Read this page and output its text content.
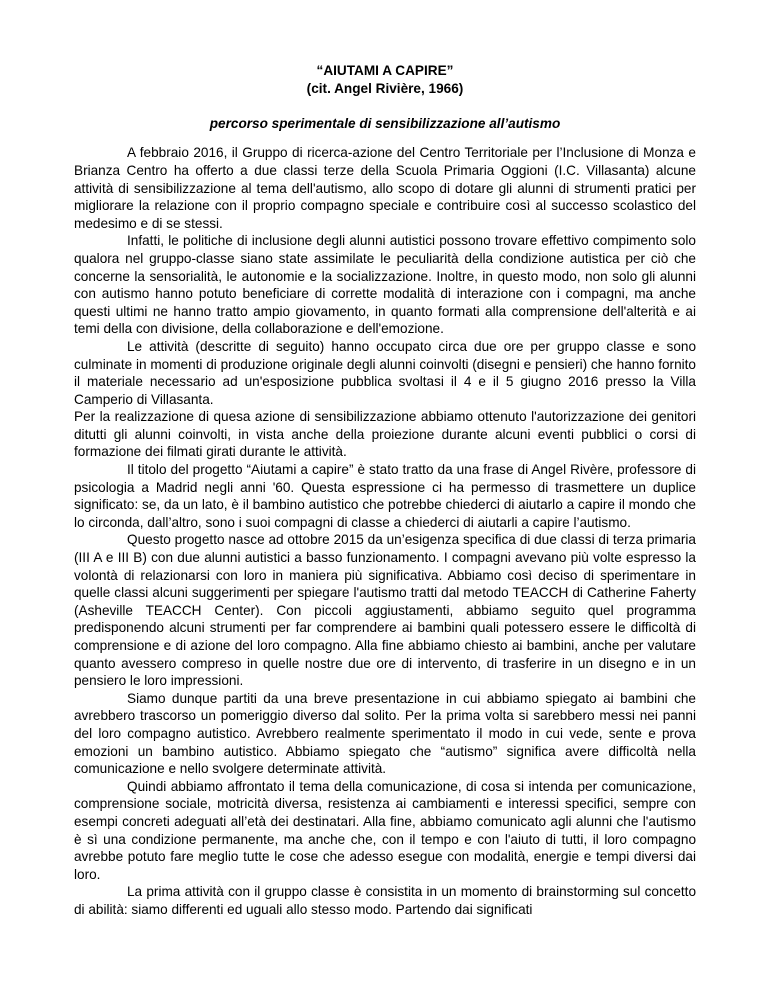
“AIUTAMI A CAPIRE”

(cit. Angel Rivière, 1966)

percorso sperimentale di sensibilizzazione all’autismo

A febbraio 2016, il Gruppo di ricerca-azione del Centro Territoriale per l’Inclusione di Monza e Brianza Centro ha offerto a due classi terze della Scuola Primaria Oggioni (I.C. Villasanta) alcune attività di sensibilizzazione al tema dell'autismo, allo scopo di dotare gli alunni di strumenti pratici per migliorare la relazione con il proprio compagno speciale e contribuire così al successo scolastico del medesimo e di se stessi.

Infatti, le politiche di inclusione degli alunni autistici possono trovare effettivo compimento solo qualora nel gruppo-classe siano state assimilate le peculiarità della condizione autistica per ciò che concerne la sensorialità, le autonomie e la socializzazione. Inoltre, in questo modo, non solo gli alunni con autismo hanno potuto beneficiare di corrette modalità di interazione con i compagni, ma anche questi ultimi ne hanno tratto ampio giovamento, in quanto formati alla comprensione dell'alterità e ai temi della con divisione, della collaborazione e dell'emozione.

Le attività (descritte di seguito) hanno occupato circa due ore per gruppo classe e sono culminate in momenti di produzione originale degli alunni coinvolti (disegni e pensieri) che hanno fornito il materiale necessario ad un'esposizione pubblica svoltasi il 4 e il 5 giugno 2016 presso la Villa Camperio di Villasanta.

Per la realizzazione di quesa azione di sensibilizzazione abbiamo ottenuto l'autorizzazione dei genitori ditutti gli alunni coinvolti, in vista anche della proiezione durante alcuni eventi pubblici o corsi di formazione dei filmati girati durante le attività.

Il titolo del progetto “Aiutami a capire” è stato tratto da una frase di Angel Rivère, professore di psicologia a Madrid negli anni '60. Questa espressione ci ha permesso di trasmettere un duplice significato: se, da un lato, è il bambino autistico che potrebbe chiederci di aiutarlo a capire il mondo che lo circonda, dall’altro, sono i suoi compagni di classe a chiederci di aiutarli a capire l’autismo.

Questo progetto nasce ad ottobre 2015 da un’esigenza specifica di due classi di terza primaria (III A e III B) con due alunni autistici a basso funzionamento. I compagni avevano più volte espresso la volontà di relazionarsi con loro in maniera più significativa. Abbiamo così deciso di sperimentare in quelle classi alcuni suggerimenti per spiegare l'autismo tratti dal metodo TEACCH di Catherine Faherty (Asheville TEACCH Center). Con piccoli aggiustamenti, abbiamo seguito quel programma predisponendo alcuni strumenti per far comprendere ai bambini quali potessero essere le difficoltà di comprensione e di azione del loro compagno. Alla fine abbiamo chiesto ai bambini, anche per valutare quanto avessero compreso in quelle nostre due ore di intervento, di trasferire in un disegno e in un pensiero le loro impressioni.

Siamo dunque partiti da una breve presentazione in cui abbiamo spiegato ai bambini che avrebbero trascorso un pomeriggio diverso dal solito. Per la prima volta si sarebbero messi nei panni del loro compagno autistico. Avrebbero realmente sperimentato il modo in cui vede, sente e prova emozioni un bambino autistico. Abbiamo spiegato che “autismo” significa avere difficoltà nella comunicazione e nello svolgere determinate attività.

Quindi abbiamo affrontato il tema della comunicazione, di cosa si intenda per comunicazione, comprensione sociale, motricità diversa, resistenza ai cambiamenti e interessi specifici, sempre con esempi concreti adeguati all’età dei destinatari. Alla fine, abbiamo comunicato agli alunni che l'autismo è sì una condizione permanente, ma anche che, con il tempo e con l'aiuto di tutti, il loro compagno avrebbe potuto fare meglio tutte le cose che adesso esegue con modalità, energie e tempi diversi dai loro.

La prima attività con il gruppo classe è consistita in un momento di brainstorming sul concetto di abilità: siamo differenti ed uguali allo stesso modo. Partendo dai significati
